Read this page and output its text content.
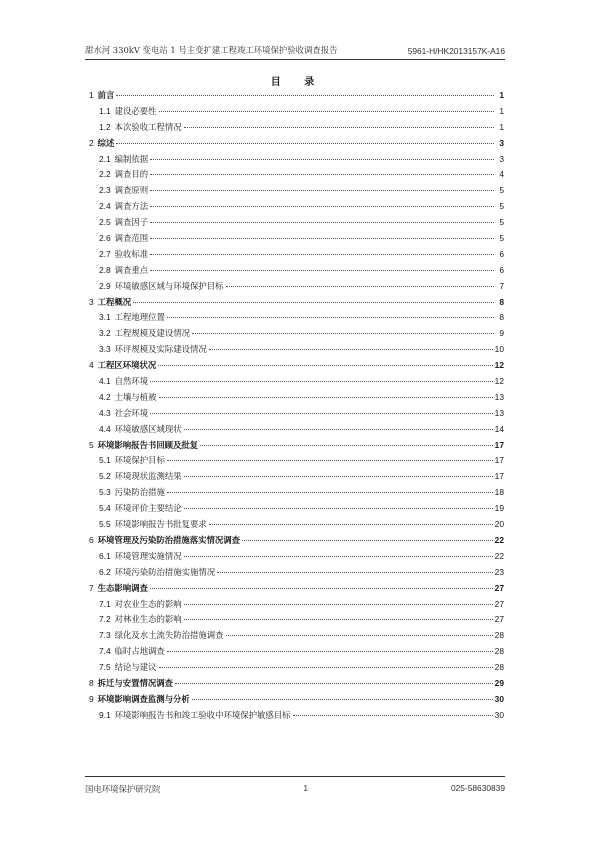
甜水河 330kV 变电站 1 号主变扩建工程竣工环境保护验收调查报告	5961-H/HK2013157K-A16
目 录
1 前言	1
1.1 建设必要性	1
1.2 本次验收工程情况	1
2 综述	3
2.1 编制依据	3
2.2 调查目的	4
2.3 调查原则	5
2.4 调查方法	5
2.5 调查因子	5
2.6 调查范围	5
2.7 验收标准	6
2.8 调查重点	6
2.9 环境敏感区域与环境保护目标	7
3 工程概况	8
3.1 工程地理位置	8
3.2 工程规模及建设情况	9
3.3 环评规模及实际建设情况	10
4 工程区环境状况	12
4.1 自然环境	12
4.2 土壤与植被	13
4.3 社会环境	13
4.4 环境敏感区域现状	14
5 环境影响报告书回顾及批复	17
5.1 环境保护目标	17
5.2 环境现状监测结果	17
5.3 污染防治措施	18
5.4 环境评价主要结论	19
5.5 环境影响报告书批复要求	20
6 环境管理及污染防治措施落实情况调查	22
6.1 环境管理实施情况	22
6.2 环境污染防治措施实施情况	23
7 生态影响调查	27
7.1 对农业生态的影响	27
7.2 对林业生态的影响	27
7.3 绿化及水土流失防治措施调查	28
7.4 临时占地调查	28
7.5 结论与建议	28
8 拆迁与安置情况调查	29
9 环境影响调查监测与分析	30
9.1 环境影响报告书和竣工验收中环境保护敏感目标	30
国电环境保护研究院	1	025-58630839
